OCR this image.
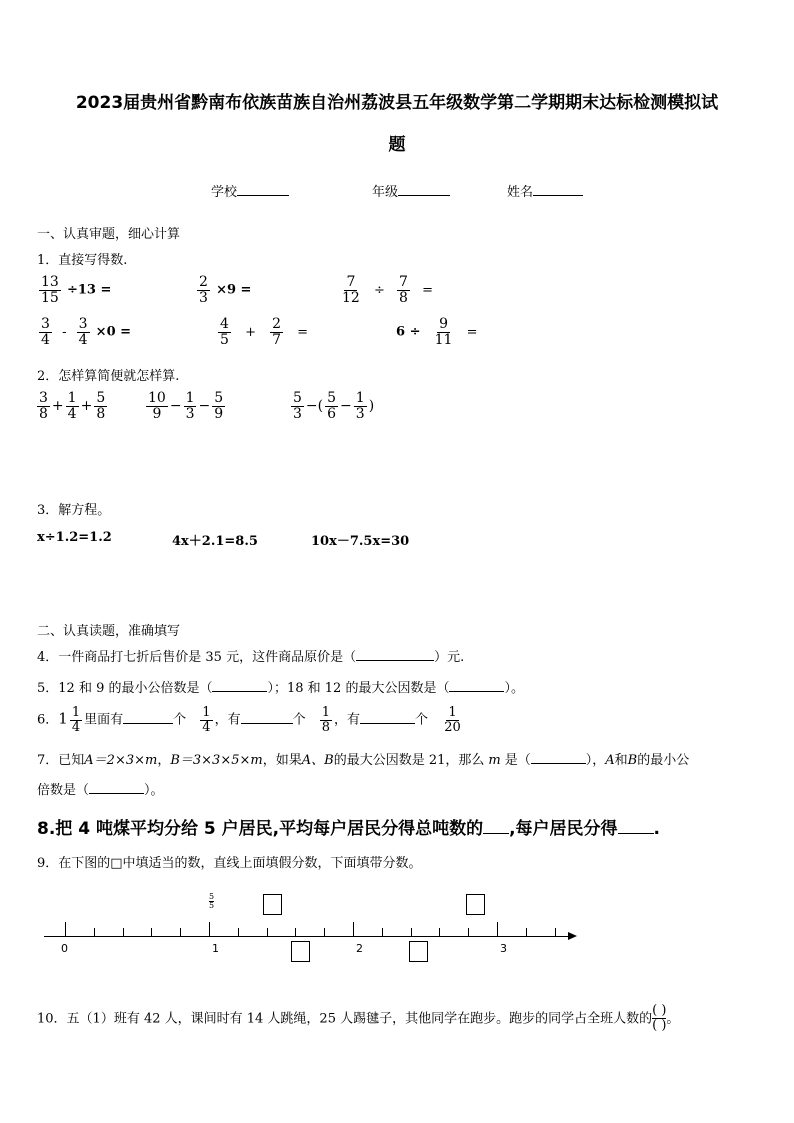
2023届贵州省黔南布依族苗族自治州荔波县五年级数学第二学期期末达标检测模拟试
题
学校	年级	姓名
一、认真审题，细心计算
1．直接写得数.
$\frac{13}{15} \div 13$ =	$\frac{2}{3} \times 9$ =	$\frac{7}{12} \div \frac{7}{8}$ =
$\frac{3}{4} - \frac{3}{4} \times 0$ =	$\frac{4}{5} + \frac{2}{7}$ =	$6 \div \frac{9}{11}$ =
2．怎样算简便就怎样算.
$\frac{3}{8} + \frac{1}{4} + \frac{5}{8}$	$\frac{10}{9} - \frac{1}{3} - \frac{5}{9}$	$\frac{5}{3}$ −( $\frac{5}{6} - \frac{1}{3}$ )
3．解方程。
x÷1.2=1.2	4x＋2.1=8.5	10x－7.5x=30
二、认真读题，准确填写
4．一件商品打七折后售价是 35 元，这件商品原价是（	）元.
5．12 和 9 的最小公倍数是（	）；18 和 12 的最大公因数是（	）。
6．$1 \frac{1}{4}$ 里面有	个 $\frac{1}{4}$ ，有	个 $\frac{1}{8}$ ，有	个 $\frac{1}{20}$
7．已知A＝2×3×m，B＝3×3×5×m，如果A、B的最大公因数是 21，那么 m 是（	），A和B的最小公
倍数是（	）。
8.把 4 吨煤平均分给 5 户居民,平均每户居民分得总吨数的 ,每户居民分得 .
9．在下图的□中填适当的数，直线上面填假分数，下面填带分数。
5
5
0	1	2	3
10．五（1）班有 42 人，课间时有 14 人跳绳，25 人踢毽子，其他同学在跑步。跑步的同学占全班人数的 $\frac{( )}{( )}$ 。
